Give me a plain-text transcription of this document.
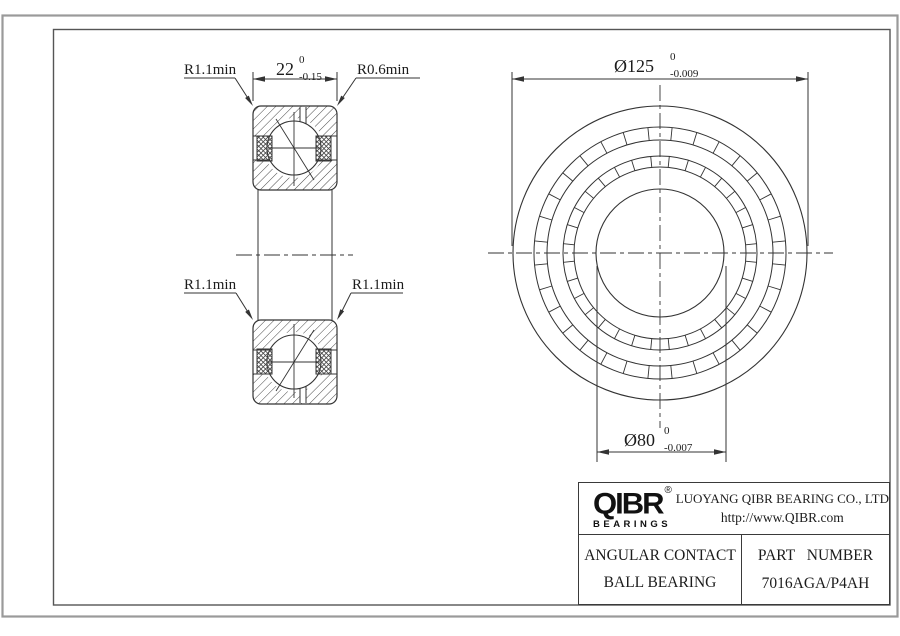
22 0
-0.15
R1.1min	R0.6min
R1.1min	R1.1min
Ø125 0
-0.009
Ø80 0
-0.007
QIBR ®
BEARINGS
LUOYANG QIBR BEARING CO., LTD
http://www.QIBR.com
ANGULAR CONTACT
BALL BEARING
PART NUMBER
7016AGA/P4AH
